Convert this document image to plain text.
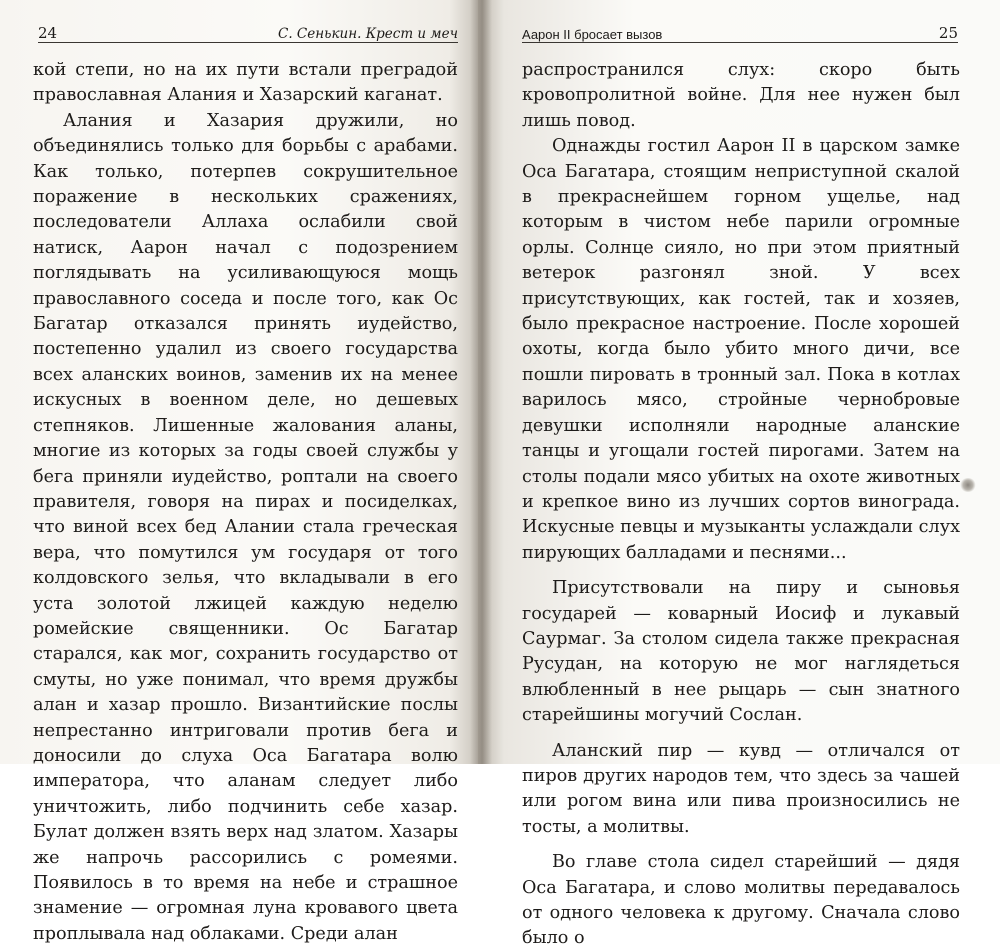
24	С. Сенькин. Крест и меч

кой степи, но на их пути встали преградой православная Алания и Хазарский каганат.

Алания и Хазария дружили, но объединялись только для борьбы с арабами. Как только, потерпев сокрушительное поражение в нескольких сражениях, последователи Аллаха ослабили свой натиск, Аарон начал с подозрением поглядывать на усиливающуюся мощь православного соседа и после того, как Ос Багатар отказался принять иудейство, постепенно удалил из своего государства всех аланских воинов, заменив их на менее искусных в военном деле, но дешевых степняков. Лишенные жалования аланы, многие из которых за годы своей службы у бега приняли иудейство, роптали на своего правителя, говоря на пирах и посиделках, что виной всех бед Алании стала греческая вера, что помутился ум государя от того колдовского зелья, что вкладывали в его уста золотой лжицей каждую неделю ромейские священники. Ос Багатар старался, как мог, сохранить государство от смуты, но уже понимал, что время дружбы алан и хазар прошло. Византийские послы непрестанно интриговали против бега и доносили до слуха Оса Багатара волю императора, что аланам следует либо уничтожить, либо подчинить себе хазар. Булат должен взять верх над златом. Хазары же напрочь рассорились с ромеями. Появилось в то время на небе и страшное знамение — огромная луна кровавого цвета проплывала над облаками. Среди алан

Аарон II бросает вызов	25

распространился слух: скоро быть кровопролитной войне. Для нее нужен был лишь повод.

Однажды гостил Аарон II в царском замке Оса Багатара, стоящим неприступной скалой в прекраснейшем горном ущелье, над которым в чистом небе парили огромные орлы. Солнце сияло, но при этом приятный ветерок разгонял зной. У всех присутствующих, как гостей, так и хозяев, было прекрасное настроение. После хорошей охоты, когда было убито много дичи, все пошли пировать в тронный зал. Пока в котлах варилось мясо, стройные чернобровые девушки исполняли народные аланские танцы и угощали гостей пирогами. Затем на столы подали мясо убитых на охоте животных и крепкое вино из лучших сортов винограда. Искусные певцы и музыканты услаждали слух пирующих балладами и песнями...

Присутствовали на пиру и сыновья государей — коварный Иосиф и лукавый Саурмаг. За столом сидела также прекрасная Русудан, на которую не мог наглядеться влюбленный в нее рыцарь — сын знатного старейшины могучий Сослан.

Аланский пир — кувд — отличался от пиров других народов тем, что здесь за чашей или рогом вина или пива произносились не тосты, а молитвы.

Во главе стола сидел старейший — дядя Оса Багатара, и слово молитвы передавалось от одного человека к другому. Сначала слово было о
